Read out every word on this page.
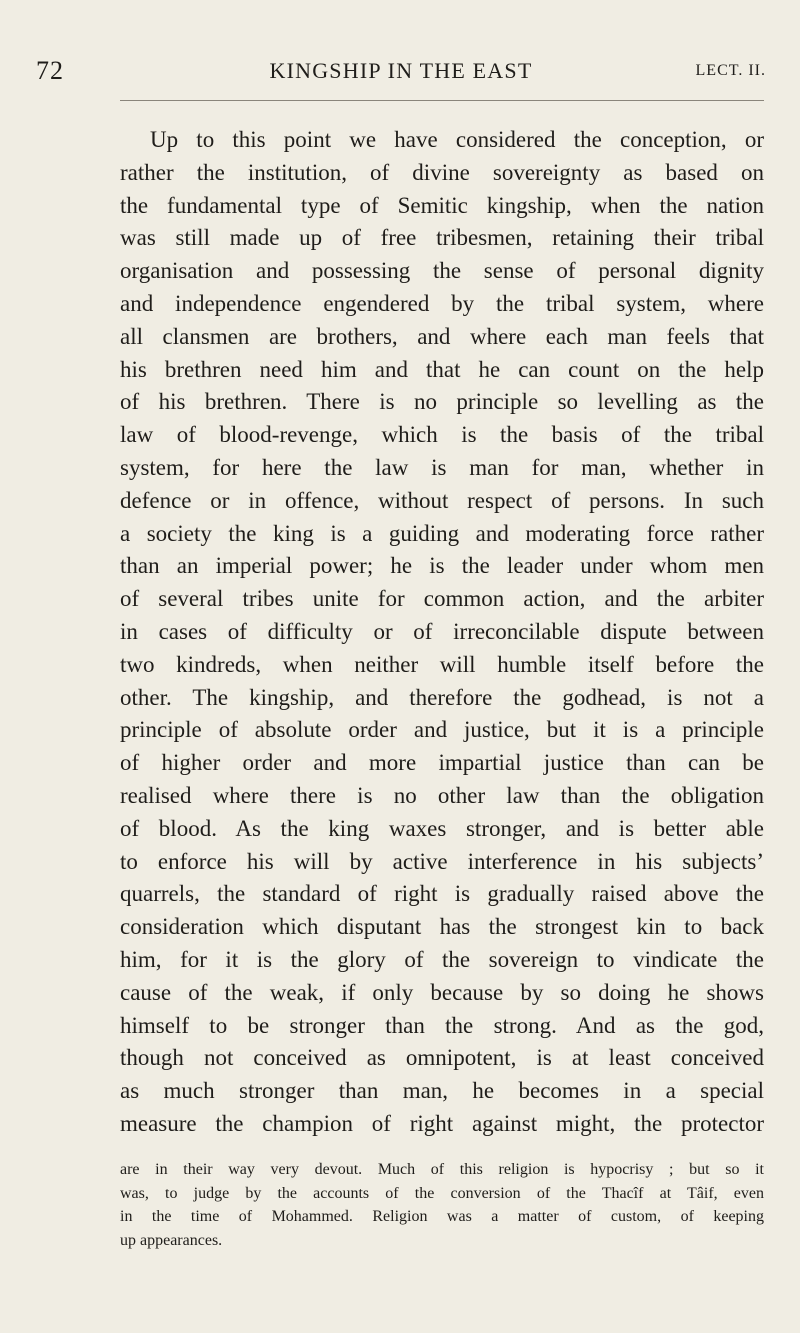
72	KINGSHIP IN THE EAST	LECT. II.
Up to this point we have considered the conception, or
rather the institution, of divine sovereignty as based on
the fundamental type of Semitic kingship, when the nation
was still made up of free tribesmen, retaining their tribal
organisation and possessing the sense of personal dignity
and independence engendered by the tribal system, where
all clansmen are brothers, and where each man feels that
his brethren need him and that he can count on the help
of his brethren. There is no principle so levelling as the
law of blood-revenge, which is the basis of the tribal
system, for here the law is man for man, whether in
defence or in offence, without respect of persons. In such
a society the king is a guiding and moderating force rather
than an imperial power; he is the leader under whom men
of several tribes unite for common action, and the arbiter
in cases of difficulty or of irreconcilable dispute between
two kindreds, when neither will humble itself before the
other. The kingship, and therefore the godhead, is not a
principle of absolute order and justice, but it is a principle
of higher order and more impartial justice than can be
realised where there is no other law than the obligation
of blood. As the king waxes stronger, and is better able
to enforce his will by active interference in his subjects’
quarrels, the standard of right is gradually raised above the
consideration which disputant has the strongest kin to back
him, for it is the glory of the sovereign to vindicate the
cause of the weak, if only because by so doing he shows
himself to be stronger than the strong. And as the god,
though not conceived as omnipotent, is at least conceived
as much stronger than man, he becomes in a special
measure the champion of right against might, the protector
are in their way very devout. Much of this religion is hypocrisy ; but so it
was, to judge by the accounts of the conversion of the Thacîf at Tâif, even
in the time of Mohammed. Religion was a matter of custom, of keeping
up appearances.
